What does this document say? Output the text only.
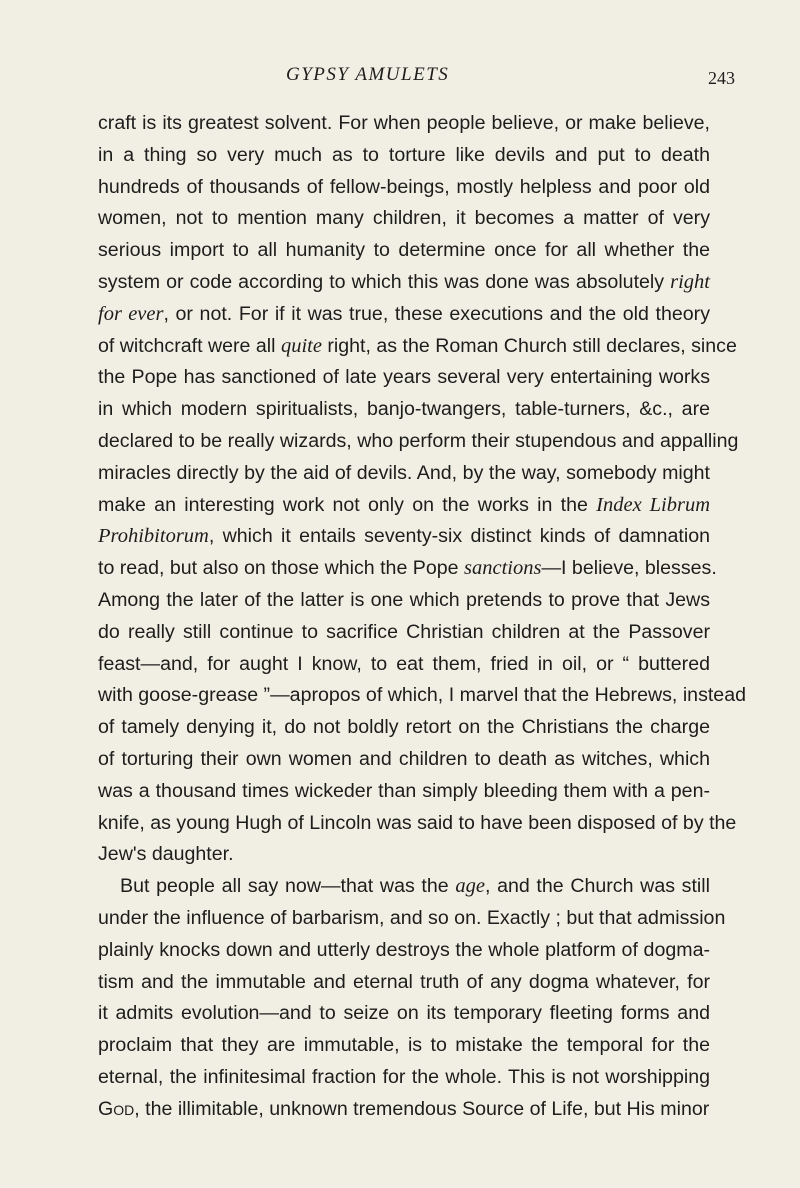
GYPSY AMULETS	243
craft is its greatest solvent. For when people believe, or make believe,
in a thing so very much as to torture like devils and put to death
hundreds of thousands of fellow-beings, mostly helpless and poor old
women, not to mention many children, it becomes a matter of very
serious import to all humanity to determine once for all whether the
system or code according to which this was done was absolutely right
for ever, or not. For if it was true, these executions and the old theory
of witchcraft were all quite right, as the Roman Church still declares, since
the Pope has sanctioned of late years several very entertaining works
in which modern spiritualists, banjo-twangers, table-turners, &c., are
declared to be really wizards, who perform their stupendous and appalling
miracles directly by the aid of devils. And, by the way, somebody might
make an interesting work not only on the works in the Index Librum
Prohibitorum, which it entails seventy-six distinct kinds of damnation
to read, but also on those which the Pope sanctions—I believe, blesses.
Among the later of the latter is one which pretends to prove that Jews
do really still continue to sacrifice Christian children at the Passover
feast—and, for aught I know, to eat them, fried in oil, or “ buttered
with goose-grease ”—apropos of which, I marvel that the Hebrews, instead
of tamely denying it, do not boldly retort on the Christians the charge
of torturing their own women and children to death as witches, which
was a thousand times wickeder than simply bleeding them with a pen-
knife, as young Hugh of Lincoln was said to have been disposed of by the
Jew's daughter.
But people all say now—that was the age, and the Church was still
under the influence of barbarism, and so on. Exactly ; but that admission
plainly knocks down and utterly destroys the whole platform of dogma-
tism and the immutable and eternal truth of any dogma whatever, for
it admits evolution—and to seize on its temporary fleeting forms and
proclaim that they are immutable, is to mistake the temporal for the
eternal, the infinitesimal fraction for the whole. This is not worshipping
God, the illimitable, unknown tremendous Source of Life, but His minor
